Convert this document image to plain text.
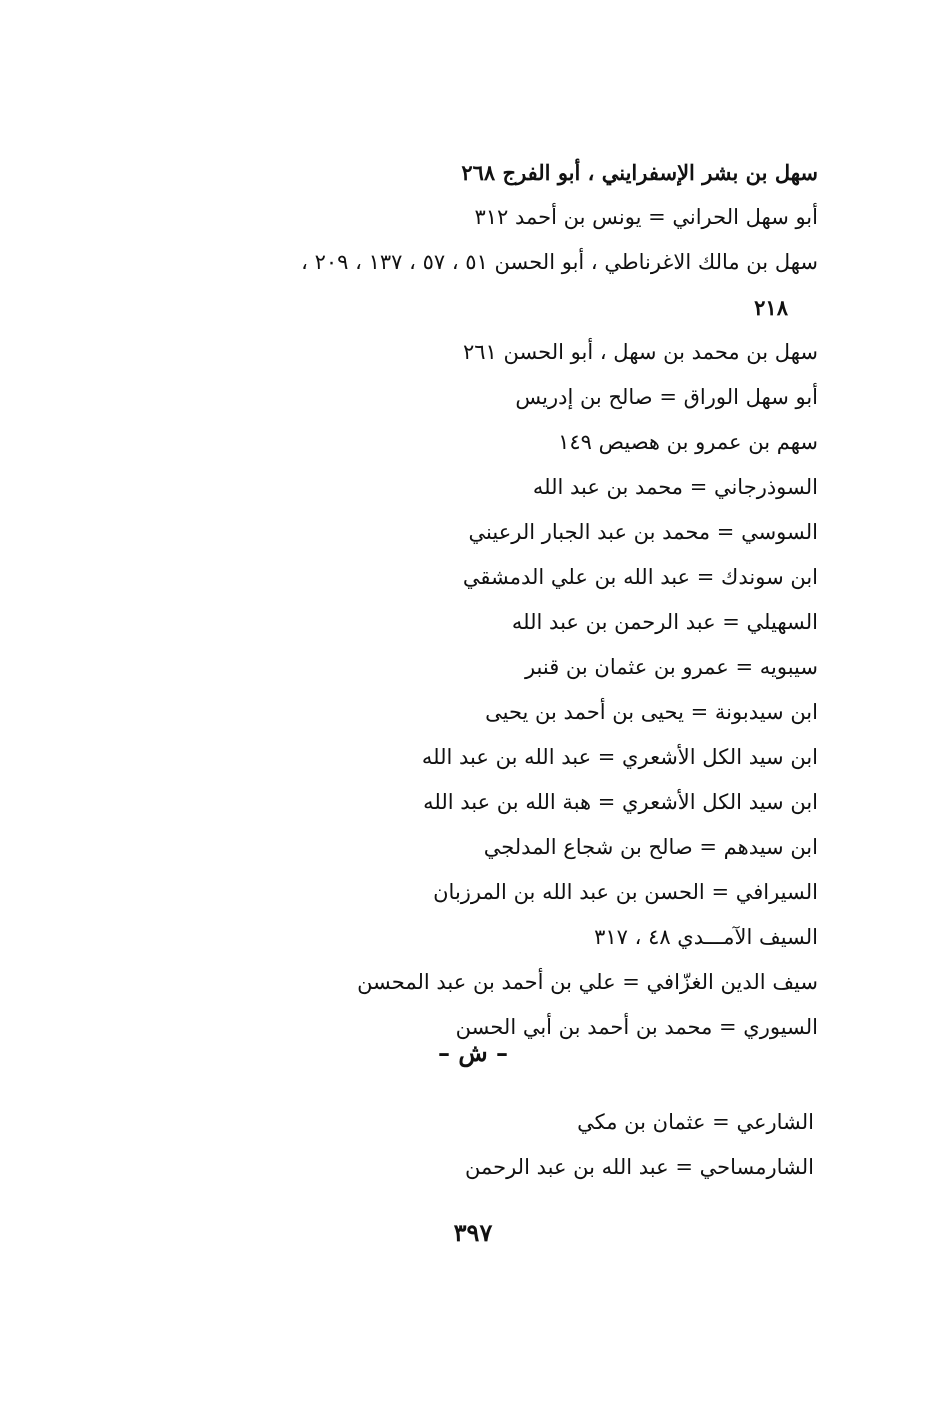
سهل بن بشر الإسفرايني ، أبو الفرج ٢٦٨
أبو سهل الحراني = يونس بن أحمد ٣١٢
سهل بن مالك الاغرناطي ، أبو الحسن ٥١ ، ٥٧ ، ١٣٧ ، ٢٠٩ ،
٢١٨
سهل بن محمد بن سهل ، أبو الحسن ٢٦١
أبو سهل الوراق = صالح بن إدريس
سهم بن عمرو بن هصيص ١٤٩
السوذرجاني = محمد بن عبد الله
السوسي = محمد بن عبد الجبار الرعيني
ابن سوندك = عبد الله بن علي الدمشقي
السهيلي = عبد الرحمن بن عبد الله
سيبويه = عمرو بن عثمان بن قنبر
ابن سيدبونة = يحيى بن أحمد بن يحيى
ابن سيد الكل الأشعري = عبد الله بن عبد الله
ابن سيد الكل الأشعري = هبة الله بن عبد الله
ابن سيدهم = صالح بن شجاع المدلجي
السيرافي = الحسن بن عبد الله بن المرزبان
السيف الآمـــدي ٤٨ ، ٣١٧
سيف الدين الغزّافي = علي بن أحمد بن عبد المحسن
السيوري = محمد بن أحمد بن أبي الحسن
– ش –
الشارعي = عثمان بن مكي
الشارمساحي = عبد الله بن عبد الرحمن
٣٩٧
